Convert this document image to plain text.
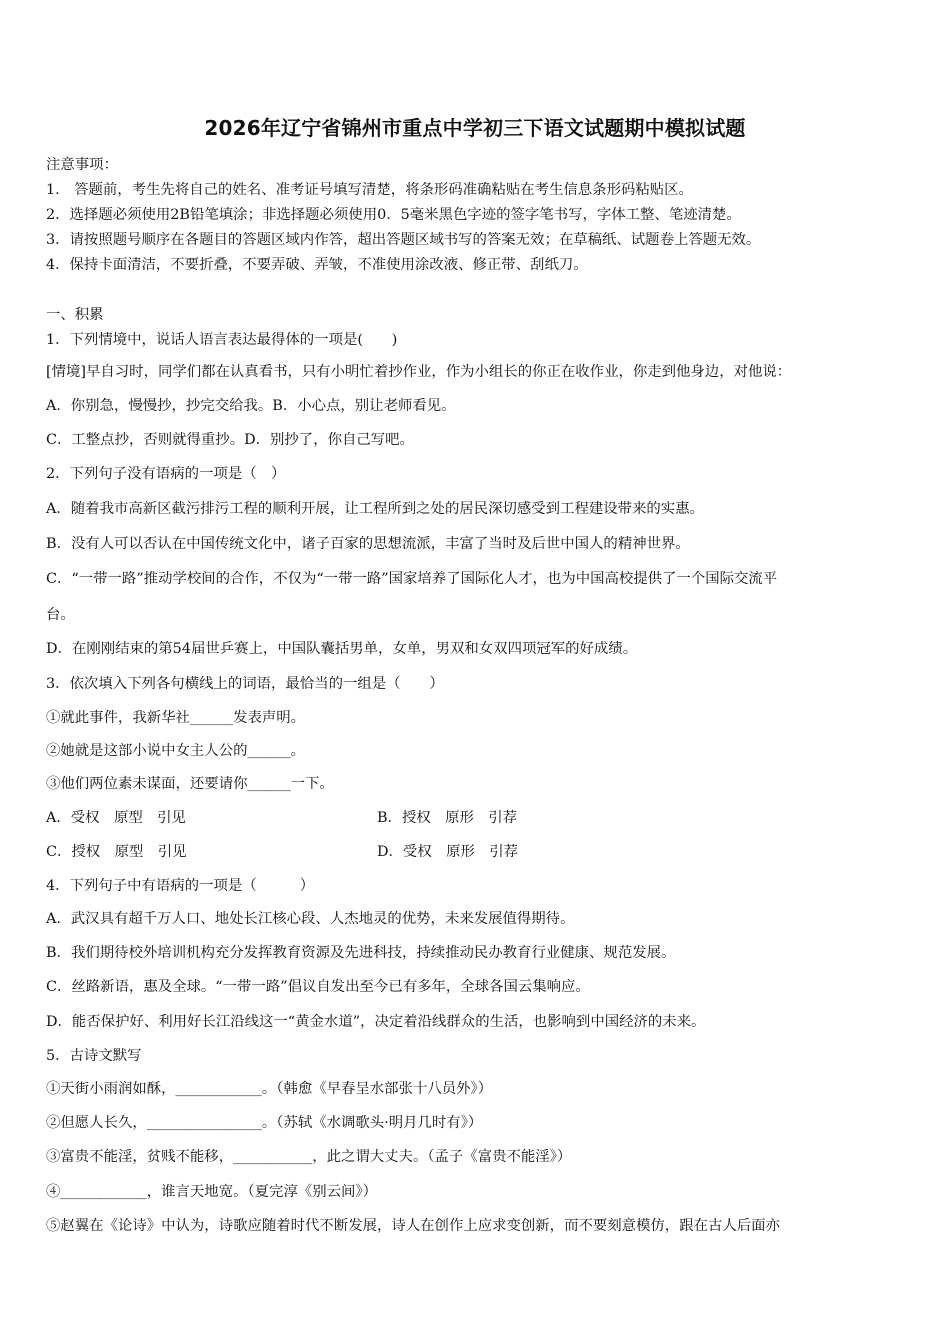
2026年辽宁省锦州市重点中学初三下语文试题期中模拟试题
注意事项：
1.　答题前，考生先将自己的姓名、准考证号填写清楚，将条形码准确粘贴在考生信息条形码粘贴区。
2．选择题必须使用2B铅笔填涂；非选择题必须使用0．5毫米黑色字迹的签字笔书写，字体工整、笔迹清楚。
3．请按照题号顺序在各题目的答题区域内作答，超出答题区域书写的答案无效；在草稿纸、试题卷上答题无效。
4．保持卡面清洁，不要折叠，不要弄破、弄皱，不准使用涂改液、修正带、刮纸刀。
一、积累
1．下列情境中，说话人语言表达最得体的一项是(　　)
[情境]早自习时，同学们都在认真看书，只有小明忙着抄作业，作为小组长的你正在收作业，你走到他身边，对他说：
A．你别急，慢慢抄，抄完交给我。B．小心点，别让老师看见。
C．工整点抄，否则就得重抄。D．别抄了，你自己写吧。
2．下列句子没有语病的一项是（　）
A．随着我市高新区截污排污工程的顺利开展，让工程所到之处的居民深切感受到工程建设带来的实惠。
B．没有人可以否认在中国传统文化中，诸子百家的思想流派，丰富了当时及后世中国人的精神世界。
C．“一带一路”推动学校间的合作，不仅为“一带一路”国家培养了国际化人才，也为中国高校提供了一个国际交流平
台。
D．在刚刚结束的第54届世乒赛上，中国队囊括男单，女单，男双和女双四项冠军的好成绩。
3．依次填入下列各句横线上的词语，最恰当的一组是（　　）
①就此事件，我新华社______发表声明。
②她就是这部小说中女主人公的______。
③他们两位素未谋面，还要请你______一下。
A．受权　原型　引见	B．授权　原形　引荐
C．授权　原型　引见	D．受权　原形　引荐
4．下列句子中有语病的一项是（　　　）
A．武汉具有超千万人口、地处长江核心段、人杰地灵的优势，未来发展值得期待。
B．我们期待校外培训机构充分发挥教育资源及先进科技，持续推动民办教育行业健康、规范发展。
C．丝路新语，惠及全球。“一带一路”倡议自发出至今已有多年，全球各国云集响应。
D．能否保护好、利用好长江沿线这一“黄金水道”，决定着沿线群众的生活，也影响到中国经济的未来。
5．古诗文默写
①天街小雨润如酥，____________。（韩愈《早春呈水部张十八员外》）
②但愿人长久，________________。（苏轼《水调歌头·明月几时有》）
③富贵不能淫，贫贱不能移，___________，此之谓大丈夫。（孟子《富贵不能淫》）
④____________，谁言天地宽。（夏完淳《别云间》）
⑤赵翼在《论诗》中认为，诗歌应随着时代不断发展，诗人在创作上应求变创新，而不要刻意模仿，跟在古人后面亦
